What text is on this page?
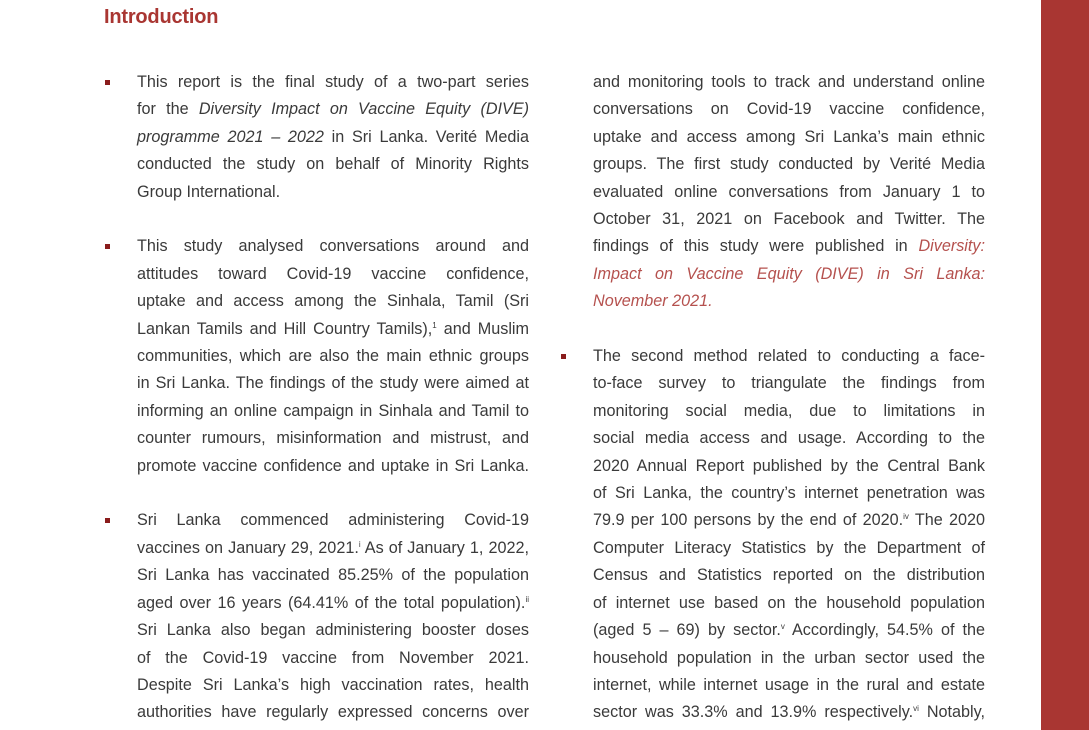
Introduction
This report is the final study of a two-part series
for the Diversity Impact on Vaccine Equity (DIVE)
programme 2021 – 2022 in Sri Lanka. Verité Media
conducted the study on behalf of Minority Rights
Group International.
This study analysed conversations around and
attitudes toward Covid-19 vaccine confidence,
uptake and access among the Sinhala, Tamil (Sri
Lankan Tamils and Hill Country Tamils),$^1$ and Muslim
communities, which are also the main ethnic groups
in Sri Lanka. The findings of the study were aimed at
informing an online campaign in Sinhala and Tamil to
counter rumours, misinformation and mistrust, and
promote vaccine confidence and uptake in Sri Lanka.
Sri Lanka commenced administering Covid-19
vaccines on January 29, 2021.$^i$ As of January 1, 2022,
Sri Lanka has vaccinated 85.25% of the population
aged over 16 years (64.41% of the total population).$^{ii}$
Sri Lanka also began administering booster doses
of the Covid-19 vaccine from November 2021.
Despite Sri Lanka’s high vaccination rates, health
authorities have regularly expressed concerns over
and monitoring tools to track and understand online
conversations on Covid-19 vaccine confidence,
uptake and access among Sri Lanka’s main ethnic
groups. The first study conducted by Verité Media
evaluated online conversations from January 1 to
October 31, 2021 on Facebook and Twitter. The
findings of this study were published in Diversity:
Impact on Vaccine Equity (DIVE) in Sri Lanka:
November 2021.
The second method related to conducting a face-
to-face survey to triangulate the findings from
monitoring social media, due to limitations in
social media access and usage. According to the
2020 Annual Report published by the Central Bank
of Sri Lanka, the country’s internet penetration was
79.9 per 100 persons by the end of 2020.$^{iv}$ The 2020
Computer Literacy Statistics by the Department of
Census and Statistics reported on the distribution
of internet use based on the household population
(aged 5 – 69) by sector.$^v$ Accordingly, 54.5% of the
household population in the urban sector used the
internet, while internet usage in the rural and estate
sector was 33.3% and 13.9% respectively.$^{vi}$ Notably,
